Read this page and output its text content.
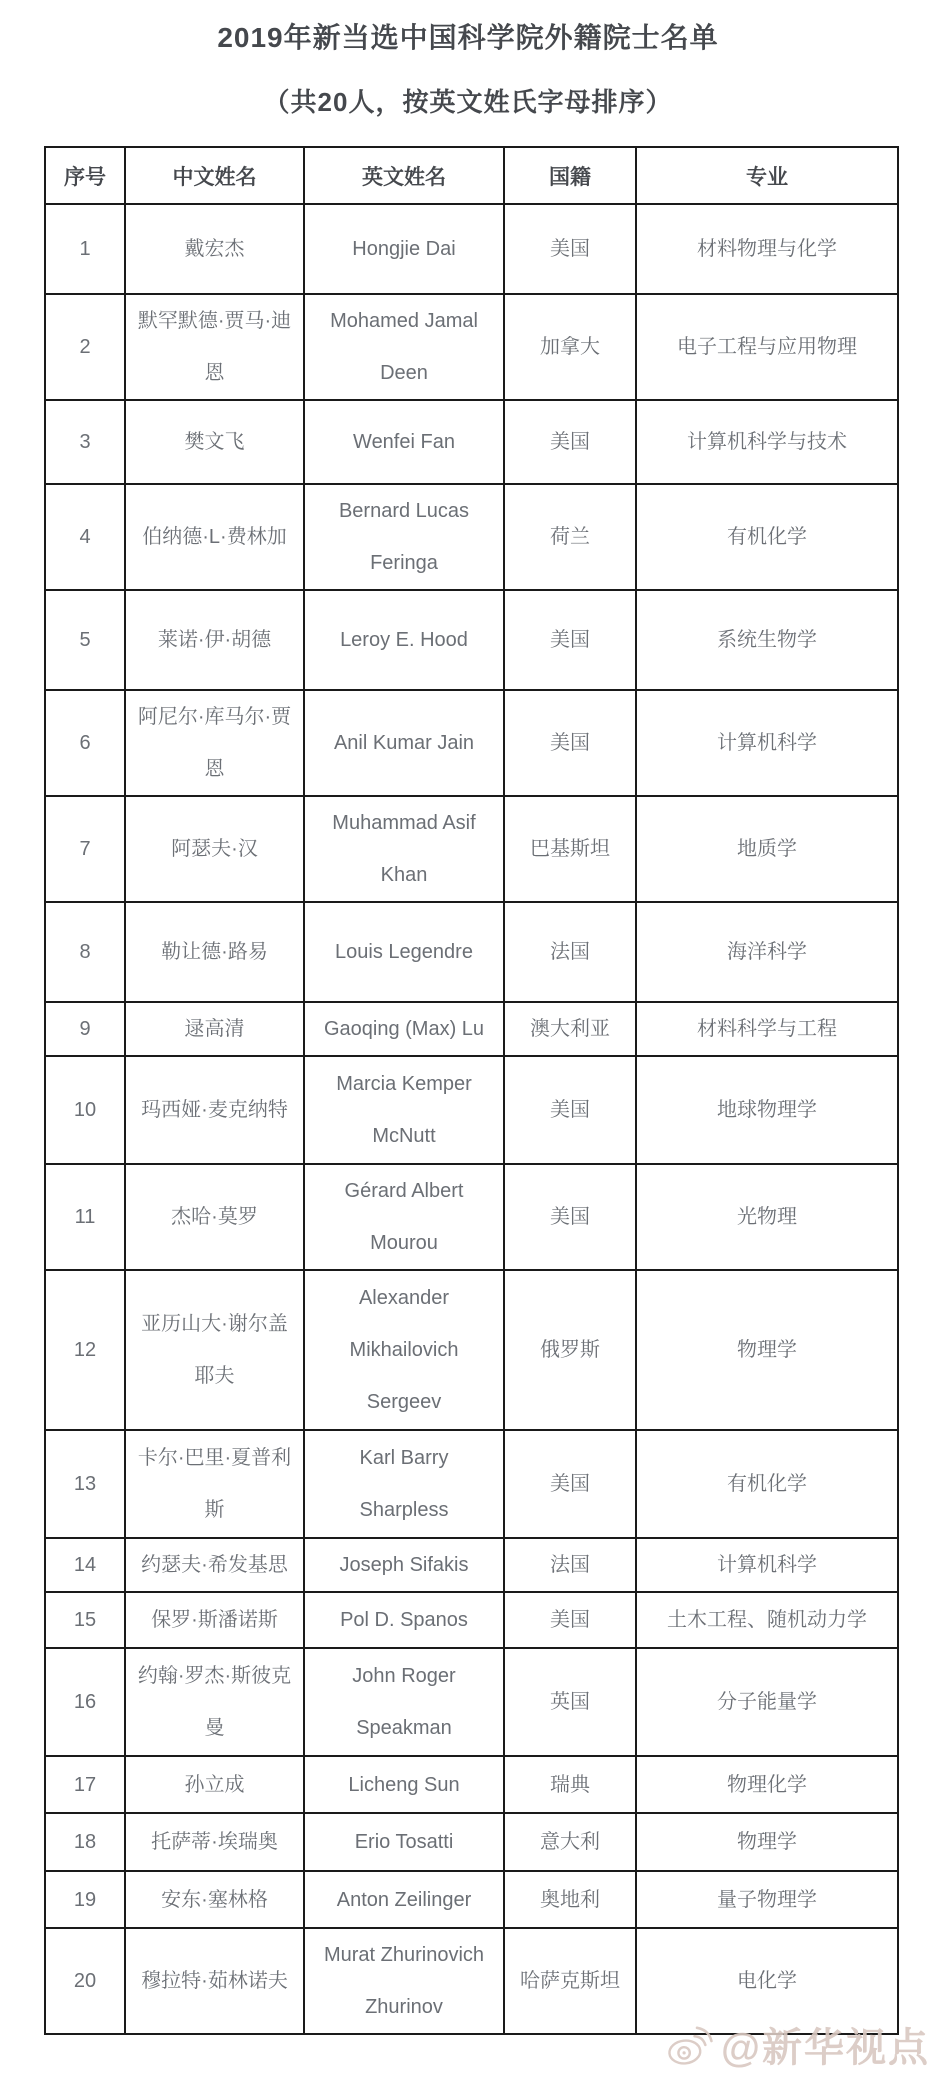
2019年新当选中国科学院外籍院士名单
（共20人，按英文姓氏字母排序）
序号	中文姓名	英文姓名	国籍	专业
1	戴宏杰	Hongjie Dai	美国	材料物理与化学
2	默罕默德·贾马·迪恩	Mohamed Jamal Deen	加拿大	电子工程与应用物理
3	樊文飞	Wenfei Fan	美国	计算机科学与技术
4	伯纳德·L·费林加	Bernard Lucas Feringa	荷兰	有机化学
5	莱诺·伊·胡德	Leroy E. Hood	美国	系统生物学
6	阿尼尔·库马尔·贾恩	Anil Kumar Jain	美国	计算机科学
7	阿瑟夫·汉	Muhammad Asif Khan	巴基斯坦	地质学
8	勒让德·路易	Louis Legendre	法国	海洋科学
9	逯高清	Gaoqing (Max) Lu	澳大利亚	材料科学与工程
10	玛西娅·麦克纳特	Marcia Kemper McNutt	美国	地球物理学
11	杰哈·莫罗	Gérard Albert Mourou	美国	光物理
12	亚历山大·谢尔盖耶夫	Alexander Mikhailovich Sergeev	俄罗斯	物理学
13	卡尔·巴里·夏普利斯	Karl Barry Sharpless	美国	有机化学
14	约瑟夫·希发基思	Joseph Sifakis	法国	计算机科学
15	保罗·斯潘诺斯	Pol D. Spanos	美国	土木工程、随机动力学
16	约翰·罗杰·斯彼克曼	John Roger Speakman	英国	分子能量学
17	孙立成	Licheng Sun	瑞典	物理化学
18	托萨蒂·埃瑞奥	Erio Tosatti	意大利	物理学
19	安东·塞林格	Anton Zeilinger	奥地利	量子物理学
20	穆拉特·茹林诺夫	Murat Zhurinovich Zhurinov	哈萨克斯坦	电化学
@新华视点
